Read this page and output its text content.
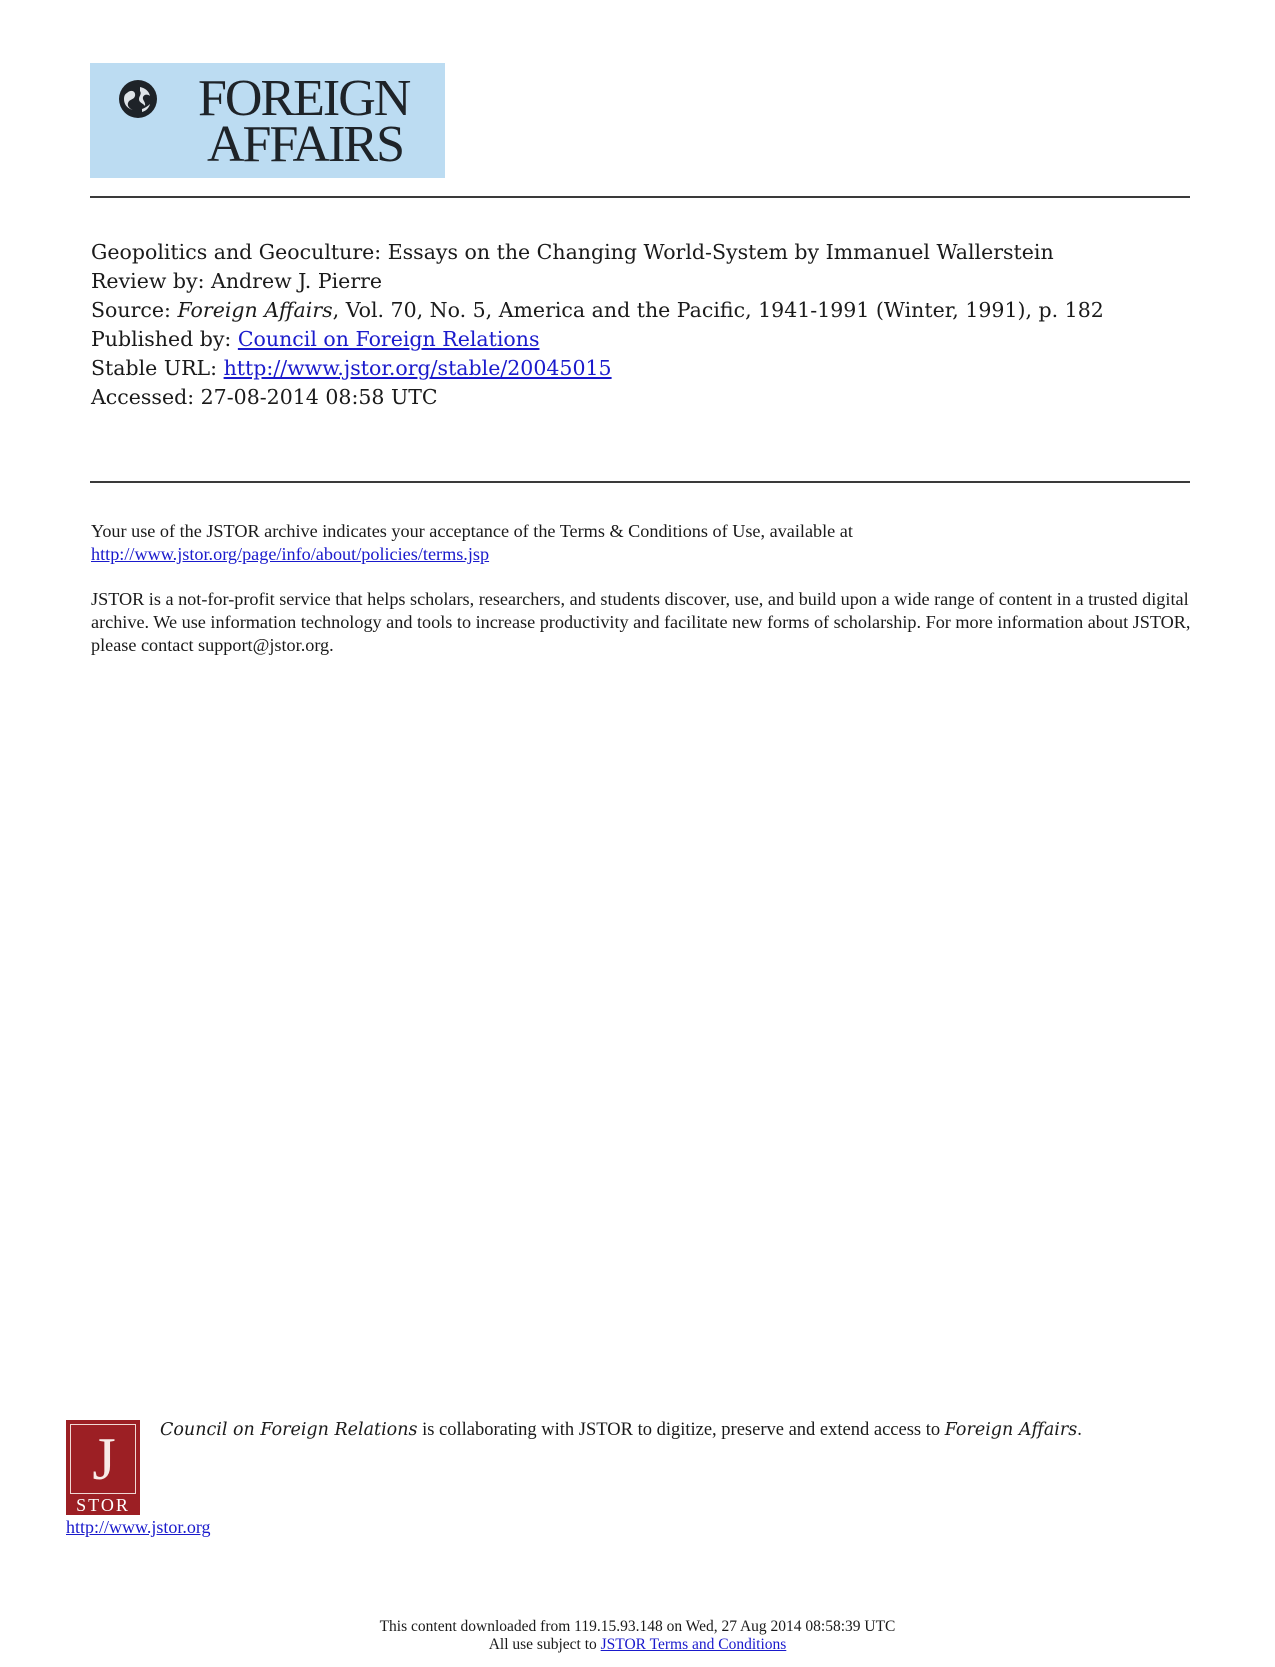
FOREIGN
AFFAIRS
Geopolitics and Geoculture: Essays on the Changing World-System by Immanuel Wallerstein
Review by: Andrew J. Pierre
Source: Foreign Affairs, Vol. 70, No. 5, America and the Pacific, 1941-1991 (Winter, 1991), p. 182
Published by: Council on Foreign Relations
Stable URL: http://www.jstor.org/stable/20045015
Accessed: 27-08-2014 08:58 UTC
Your use of the JSTOR archive indicates your acceptance of the Terms & Conditions of Use, available at
http://www.jstor.org/page/info/about/policies/terms.jsp
JSTOR is a not-for-profit service that helps scholars, researchers, and students discover, use, and build upon a wide range of content in a trusted digital archive. We use information technology and tools to increase productivity and facilitate new forms of scholarship. For more information about JSTOR, please contact support@jstor.org.
J
STOR
Council on Foreign Relations is collaborating with JSTOR to digitize, preserve and extend access to Foreign Affairs.
http://www.jstor.org
This content downloaded from 119.15.93.148 on Wed, 27 Aug 2014 08:58:39 UTC
All use subject to JSTOR Terms and Conditions
